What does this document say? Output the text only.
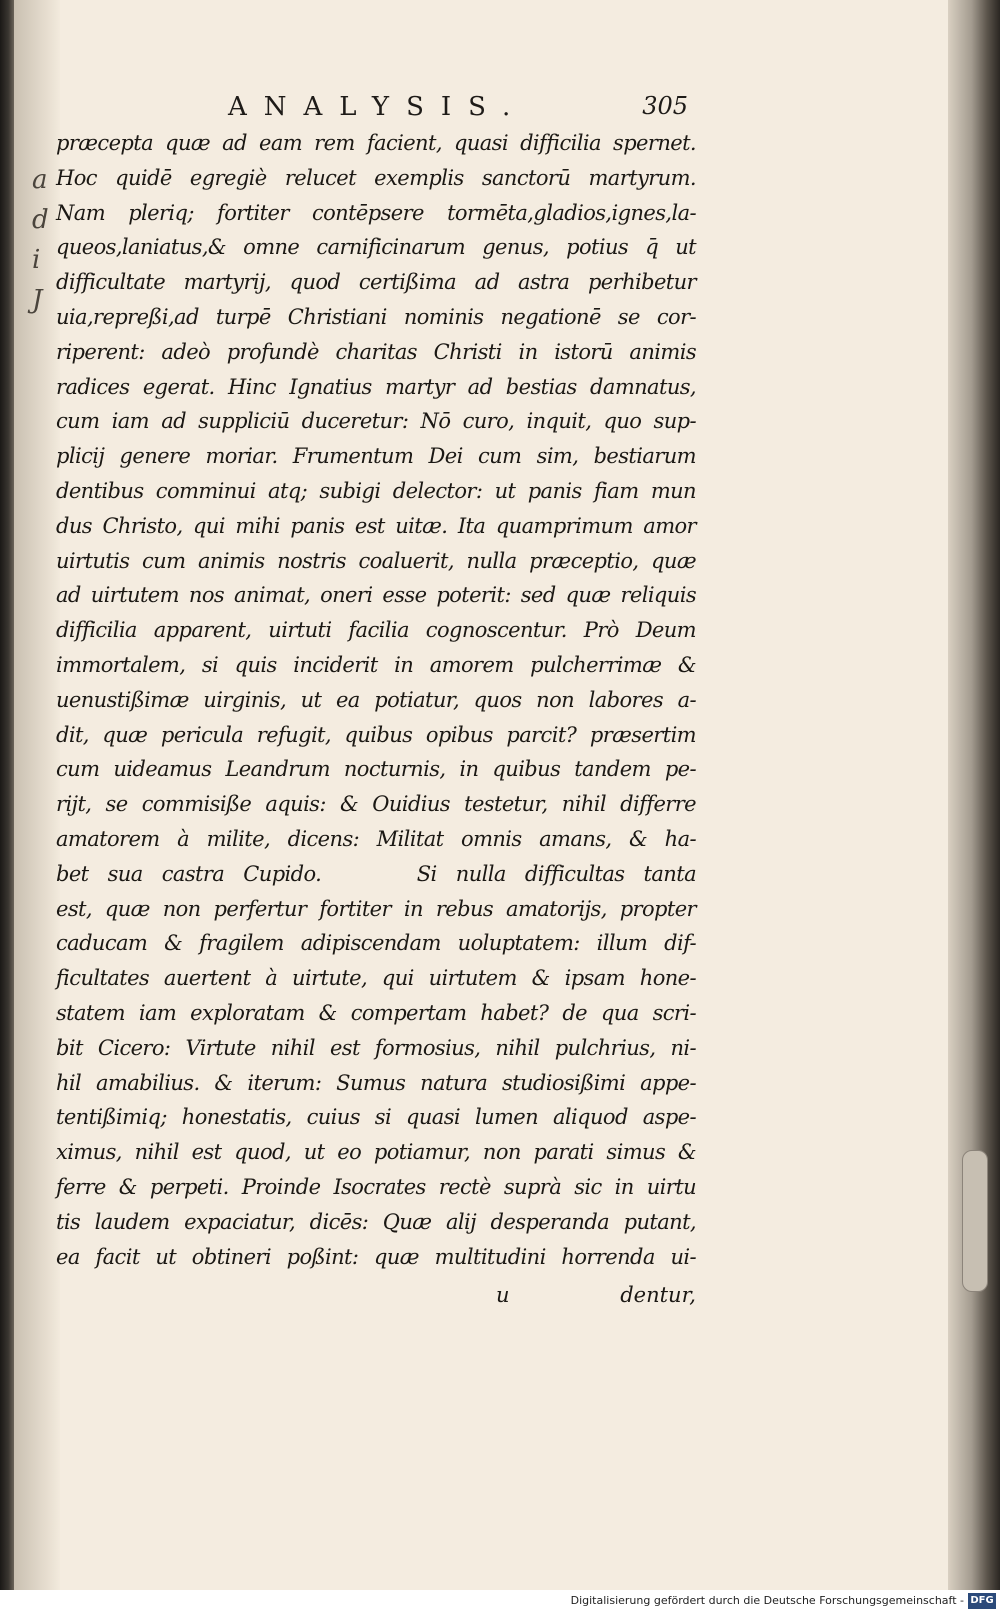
a
d
i
J
ANALYSIS.	305
præcepta quæ ad eam rem facient, quasi difficilia spernet.
Hoc quidē egregiè relucet exemplis sanctorū martyrum.
Nam pleriq; fortiter contēpsere tormēta,gladios,ignes,la-
queos,laniatus,& omne carnificinarum genus, potius q̄ ut
difficultate martyrij, quod certißima ad astra perhibetur
uia,repreßi,ad turpē Christiani nominis negationē se cor-
riperent: adeò profundè charitas Christi in istorū animis
radices egerat. Hinc Ignatius martyr ad bestias damnatus,
cum iam ad suppliciū duceretur: Nō curo, inquit, quo sup-
plicij genere moriar. Frumentum Dei cum sim, bestiarum
dentibus comminui atq; subigi delector: ut panis fiam mun
dus Christo, qui mihi panis est uitæ. Ita quamprimum amor
uirtutis cum animis nostris coaluerit, nulla præceptio, quæ
ad uirtutem nos animat, oneri esse poterit: sed quæ reliquis
difficilia apparent, uirtuti facilia cognoscentur. Prò Deum
immortalem, si quis inciderit in amorem pulcherrimæ &
uenustißimæ uirginis, ut ea potiatur, quos non labores a-
dit, quæ pericula refugit, quibus opibus parcit? præsertim
cum uideamus Leandrum nocturnis, in quibus tandem pe-
rijt, se commisiße aquis: & Ouidius testetur, nihil differre
amatorem à milite, dicens: Militat omnis amans, & ha-
bet sua castra Cupido.     Si nulla difficultas tanta
est, quæ non perfertur fortiter in rebus amatorijs, propter
caducam & fragilem adipiscendam uoluptatem: illum dif-
ficultates auertent à uirtute, qui uirtutem & ipsam hone-
statem iam exploratam & compertam habet? de qua scri-
bit Cicero: Virtute nihil est formosius, nihil pulchrius, ni-
hil amabilius. & iterum: Sumus natura studiosißimi appe-
tentißimiq; honestatis, cuius si quasi lumen aliquod aspe-
ximus, nihil est quod, ut eo potiamur, non parati simus &
ferre & perpeti. Proinde Isocrates rectè suprà sic in uirtu
tis laudem expaciatur, dicēs: Quæ alij desperanda putant,
ea facit ut obtineri poßint: quæ multitudini horrenda ui-
u	dentur,
Digitalisierung gefördert durch die Deutsche Forschungsgemeinschaft - DFG
